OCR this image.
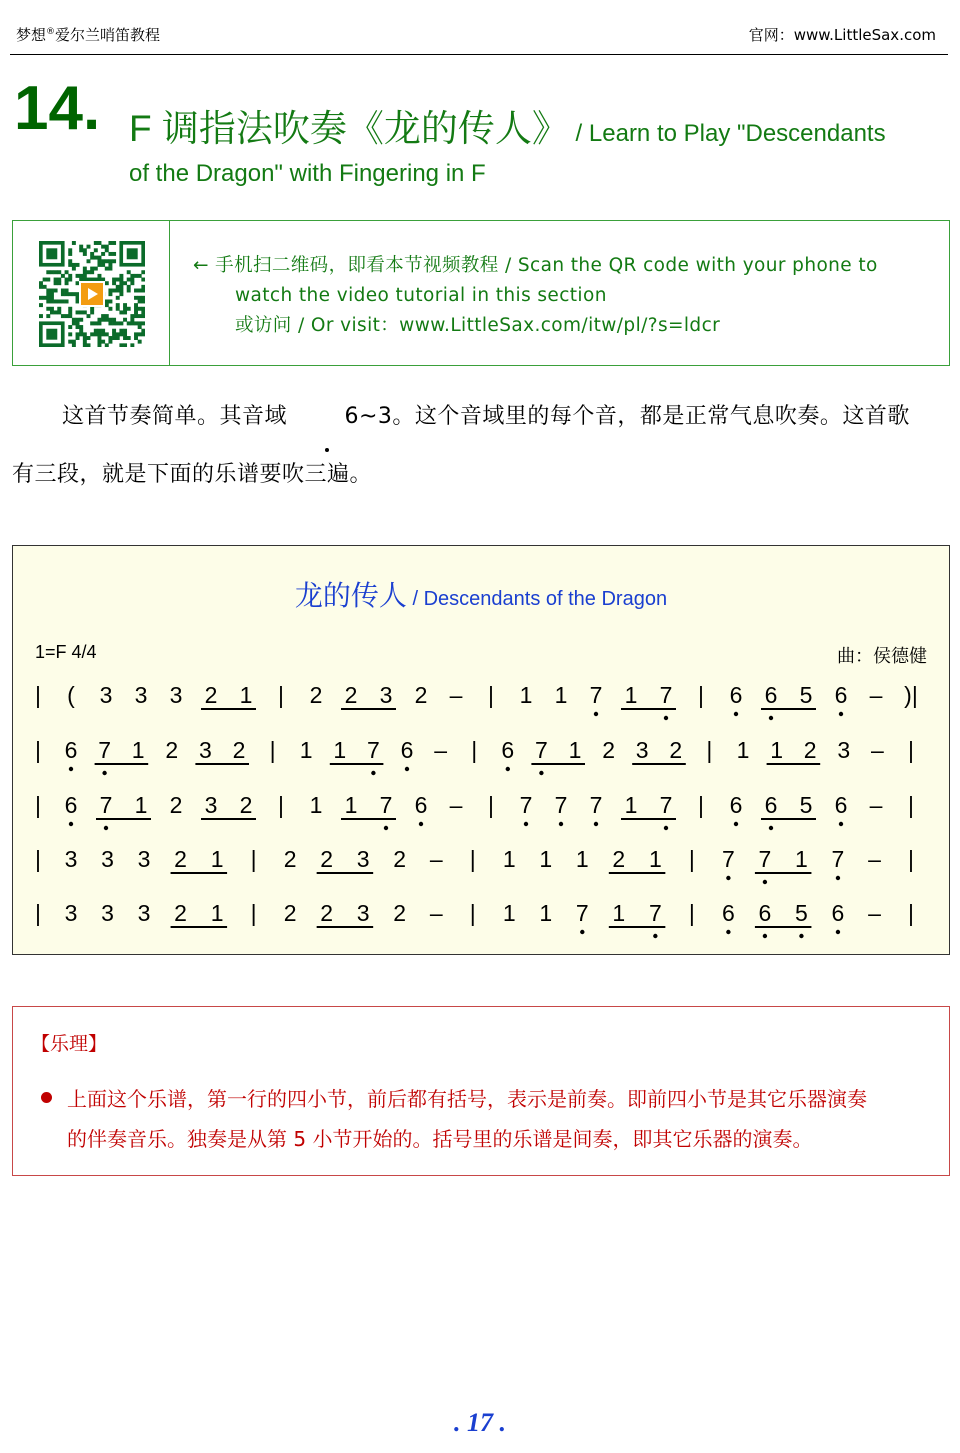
梦想®爱尔兰哨笛教程	官网：www.LittleSax.com
14. F 调指法吹奏《龙的传人》 / Learn to Play "Descendants
of the Dragon" with Fingering in F
← 手机扫二维码，即看本节视频教程 / Scan the QR code with your phone to
watch the video tutorial in this section
或访问 / Or visit：www.LittleSax.com/itw/pl/?s=ldcr
这首节奏简单。其音域 6~3。这个音域里的每个音，都是正常气息吹奏。这首歌
有三段，就是下面的乐谱要吹三遍。
龙的传人 / Descendants of the Dragon
1=F 4/4	曲：侯德健
| ( 3 3 3 2 1 | 2 2 3 2 – | 1 1 7 1 7 | 6 6 5 6 – )|
| 6 7 1 2 3 2 | 1 1 7 6 – | 6 7 1 2 3 2 | 1 1 2 3 – |
| 6 7 1 2 3 2 | 1 1 7 6 – | 7 7 7 1 7 | 6 6 5 6 – |
| 3 3 3 2 1 | 2 2 3 2 – | 1 1 1 2 1 | 7 7 1 7 – |
| 3 3 3 2 1 | 2 2 3 2 – | 1 1 7 1 7 | 6 6 5 6 – |
【乐理】
上面这个乐谱，第一行的四小节，前后都有括号，表示是前奏。即前四小节是其它乐器演奏
的伴奏音乐。独奏是从第 5 小节开始的。括号里的乐谱是间奏，即其它乐器的演奏。
. 17 .
